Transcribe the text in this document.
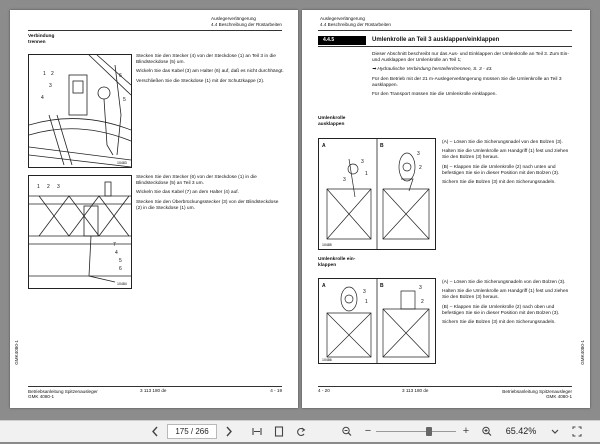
Auslegerverlängerung
4.4 Beschreibung der Rüstarbeiten
Verbindung
trennen
1 2
3
4
6
5
10483

Stecken Sie den Stecker (4) von der Steckdose (1) an Teil 3 in die Blindsteckdose (5) um.

Wickeln Sie das Kabel (3) am Halter (6) auf, daß es nicht durchhängt.

Verschließen Sie die Steckdose (1) mit der Schutzkappe (2).

1 2 3
7
4
5
6
10484

Stecken Sie den Stecker (6) von der Steckdose (1) in die Blindsteckdose (5) an Teil 3 um.

Wickeln Sie das Kabel (7) an dem Halter (4) auf.

Stecken Sie den Überbrückungsstecker (3) von der Blindsteckdose (2) in die Steckdose (1) um.

GMK4080-1
Betriebsanleitung Spitzenausleger
GMK 4080-1
3 113 180 de	4 - 19
Auslegerverlängerung
4.4 Beschreibung der Rüstarbeiten
4.4.5	Umlenkrolle an Teil 3 ausklappen/einklappen

Dieser Abschnitt beschreibt nur das Aus- und Einklappen der Umlenkrolle an Teil 3. Zum Ein- und Ausklappen der Umlenkrolle an Teil 1;

➡ Hydraulische Verbindung herstellen/trennen, S. 3 - 43.

Für den Betrieb mit der 21 m-Auslegerverlängerung müssen Sie die Umlenkrolle an Teil 3 ausklappen.

Für den Transport müssen Sie die Umlenkrolle einklappen.

Umlenkrolle
ausklappen
A	B
3
1
3
3
2
10485

(A) – Lösen Sie die Sicherungsnadel von den Bolzen (3).

Halten Sie die Umlenkrolle am Handgriff (1) fest und ziehen Sie den Bolzen (3) heraus.

(B) – Klappen Sie die Umlenkrolle (2) nach unten und befestigen Sie sie in dieser Position mit den Bolzen (3).

Sichern Sie die Bolzen (3) mit den Sicherungsnadeln.

Umlenkrolle ein-
klappen
A	B
3
1
3
2
10486

(A) – Lösen Sie die Sicherungsnadeln von den Bolzen (3).

Halten Sie die Umlenkrolle am Handgriff (1) fest und ziehen Sie den Bolzen (3) heraus.

(B) – Klappen Sie die Umlenkrolle (2) nach oben und befestigen Sie sie in dieser Position mit den Bolzen (3).

Sichern Sie die Bolzen (3) mit den Sicherungsnadeln.

GMK4080-1
4 - 20	3 113 180 de	Betriebsanleitung Spitzenausleger
GMK 4080-1
175 / 266	−	+	65.42%
